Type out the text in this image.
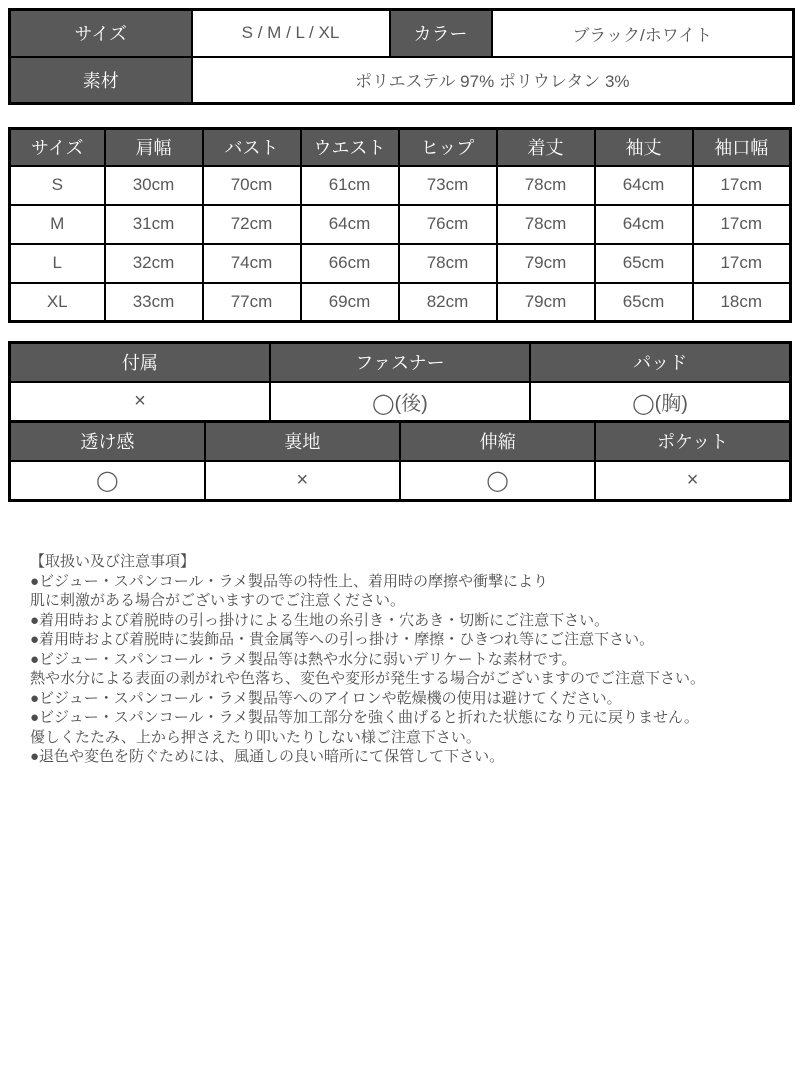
サイズ	S / M / L / XL	カラー	ブラック/ホワイト
素材	ポリエステル 97% ポリウレタン 3%		
サイズ	肩幅	バスト	ウエスト	ヒップ	着丈	袖丈	袖口幅
S	30cm	70cm	61cm	73cm	78cm	64cm	17cm
M	31cm	72cm	64cm	76cm	78cm	64cm	17cm
L	32cm	74cm	66cm	78cm	79cm	65cm	17cm
XL	33cm	77cm	69cm	82cm	79cm	65cm	18cm
付属	ファスナー	パッド
×	◯(後)	◯(胸)
透け感	裏地	伸縮	ポケット
◯	×	◯	×

【取扱い及び注意事項】

●ビジュー・スパンコール・ラメ製品等の特性上、着用時の摩擦や衝撃により

肌に刺激がある場合がございますのでご注意ください。

●着用時および着脱時の引っ掛けによる生地の糸引き・穴あき・切断にご注意下さい。

●着用時および着脱時に装飾品・貴金属等への引っ掛け・摩擦・ひきつれ等にご注意下さい。

●ビジュー・スパンコール・ラメ製品等は熱や水分に弱いデリケートな素材です。

熱や水分による表面の剥がれや色落ち、変色や変形が発生する場合がございますのでご注意下さい。

●ビジュー・スパンコール・ラメ製品等へのアイロンや乾燥機の使用は避けてください。

●ビジュー・スパンコール・ラメ製品等加工部分を強く曲げると折れた状態になり元に戻りません。

優しくたたみ、上から押さえたり叩いたりしない様ご注意下さい。

●退色や変色を防ぐためには、風通しの良い暗所にて保管して下さい。
